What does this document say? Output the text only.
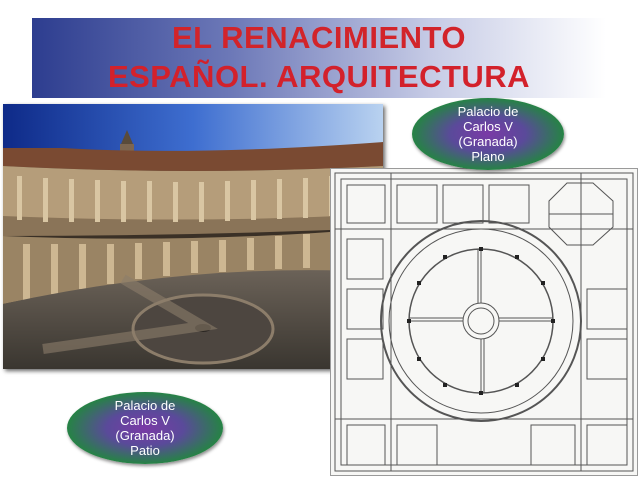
EL RENACIMIENTO
ESPAÑOL. ARQUITECTURA
Palacio de
Carlos V
(Granada)
Plano
Palacio de
Carlos V
(Granada)
Patio
